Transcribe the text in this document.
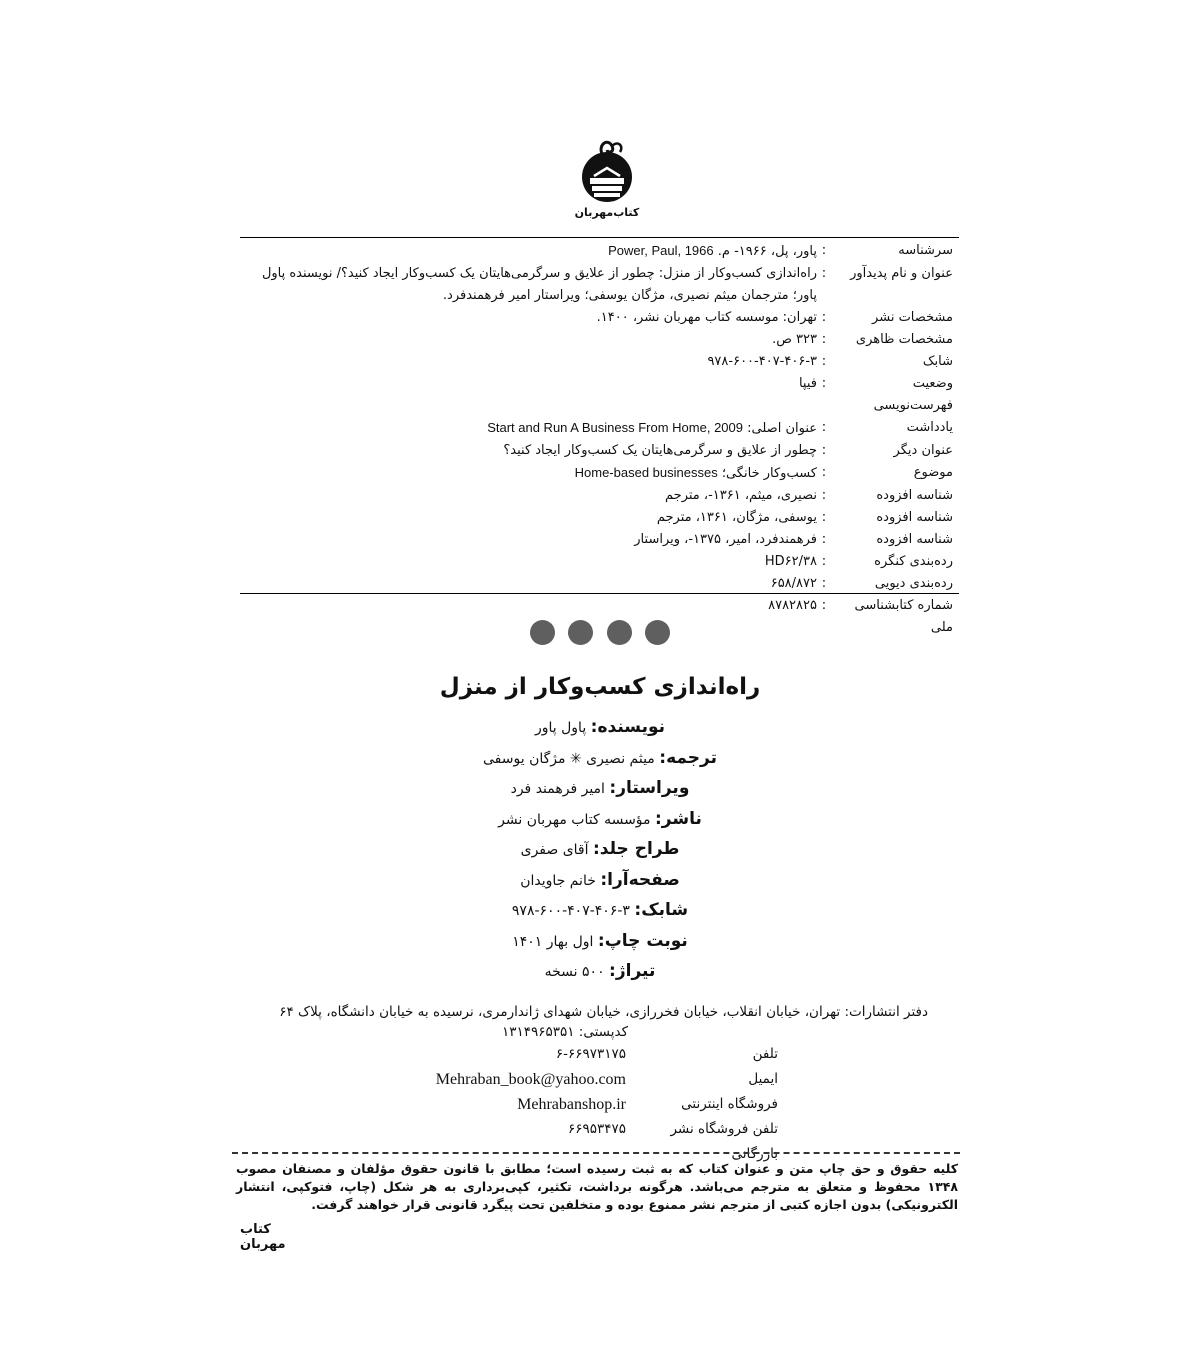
کتاب‌مهربان
سرشناسه
:
پاور، پل، ۱۹۶۶- م. Power, Paul, 1966
عنوان و نام پدیدآور
:
راه‌اندازی کسب‌وکار از منزل: چطور از علایق و سرگرمی‌هایتان یک کسب‌وکار ایجاد کنید؟/ نویسنده پاول پاور؛ مترجمان میثم نصیری، مژگان یوسفی؛ ویراستار امیر فرهمندفرد.
مشخصات نشر
:
تهران: موسسه کتاب مهربان نشر، ۱۴۰۰.
مشخصات ظاهری
:
۳۲۳ ص.
شابک
:
۹۷۸-۶۰۰-۴۰۷-۴۰۶-۳
وضعیت فهرست‌نویسی
:
فیپا
یادداشت
:
عنوان اصلی: Start and Run A Business From Home, 2009
عنوان دیگر
:
چطور از علایق و سرگرمی‌هایتان یک کسب‌وکار ایجاد کنید؟
موضوع
:
کسب‌وکار خانگی؛ Home-based businesses
شناسه افزوده
:
نصیری، میثم، ۱۳۶۱-، مترجم
شناسه افزوده
:
یوسفی، مژگان، ۱۳۶۱، مترجم
شناسه افزوده
:
فرهمندفرد، امیر، ۱۳۷۵-، ویراستار
رده‌بندی کنگره
:
HD۶۲/۳۸
رده‌بندی دیویی
:
۶۵۸/۸۷۲
شماره کتابشناسی ملی
:
۸۷۸۲۸۲۵
راه‌اندازی کسب‌وکار از منزل
نویسنده: پاول پاور
ترجمه: میثم نصیری ✳ مژگان یوسفی
ویراستار: امیر فرهمند فرد
ناشر: مؤسسه کتاب مهربان نشر
طراح جلد: آقای صفری
صفحه‌آرا: خانم جاویدان
شابک: ۳-۴۰۶-۴۰۷-۶۰۰-۹۷۸
نوبت چاپ: اول بهار ۱۴۰۱
تیراژ: ۵۰۰ نسخه
دفتر انتشارات: تهران، خیابان انقلاب، خیابان فخررازی، خیابان شهدای ژاندارمری، نرسیده به خیابان دانشگاه، پلاک ۶۴
کدپستی: ۱۳۱۴۹۶۵۳۵۱
تلفن
۶-۶۶۹۷۳۱۷۵
ایمیل
Mehraban_book@yahoo.com
فروشگاه اینترنتی
Mehrabanshop.ir
تلفن فروشگاه نشر بازرگانی
۶۶۹۵۳۴۷۵
کلیه حقوق و حق چاپ متن و عنوان کتاب که به ثبت رسیده است؛ مطابق با قانون حقوق مؤلفان و مصنفان مصوب ۱۳۴۸ محفوظ و متعلق به مترجم می‌باشد. هرگونه برداشت، تکثیر، کپی‌برداری به هر شکل (چاپ، فتوکپی، انتشار الکترونیکی) بدون اجازه کتبی از مترجم نشر ممنوع بوده و متخلفین تحت پیگرد قانونی قرار خواهند گرفت.
کتاب مهربان
